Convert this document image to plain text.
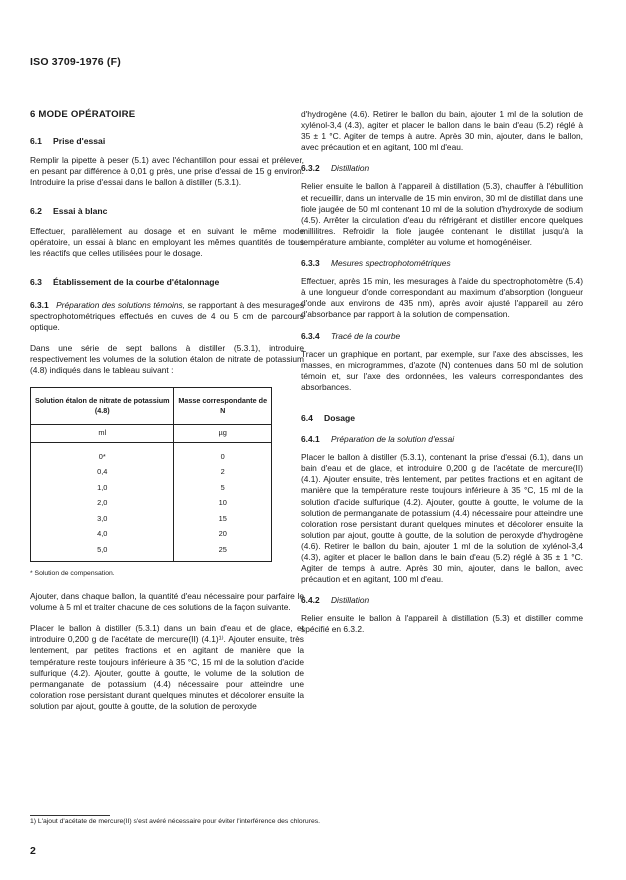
ISO 3709-1976 (F)
6 MODE OPÉRATOIRE
6.1 Prise d'essai

Remplir la pipette à peser (5.1) avec l'échantillon pour essai et prélever, en pesant par différence à 0,01 g près, une prise d'essai de 15 g environ. Introduire la prise d'essai dans le ballon à distiller (5.3.1).

6.2 Essai à blanc

Effectuer, parallèlement au dosage et en suivant le même mode opératoire, un essai à blanc en employant les mêmes quantités de tous les réactifs que celles utilisées pour le dosage.

6.3 Établissement de la courbe d'étalonnage

6.3.1 Préparation des solutions témoins, se rapportant à des mesurages spectrophotométriques effectués en cuves de 4 ou 5 cm de parcours optique.

Dans une série de sept ballons à distiller (5.3.1), introduire respectivement les volumes de la solution étalon de nitrate de potassium (4.8) indiqués dans le tableau suivant :

Solution étalon de nitrate de potassium (4.8)	Masse correspondante de N
ml	µg
0*	0
0,4	2
1,0	5
2,0	10
3,0	15
4,0	20
5,0	25
* Solution de compensation.

Ajouter, dans chaque ballon, la quantité d'eau nécessaire pour parfaire le volume à 5 ml et traiter chacune de ces solutions de la façon suivante.

Placer le ballon à distiller (5.3.1) dans un bain d'eau et de glace, et introduire 0,200 g de l'acétate de mercure(II) (4.1)¹⁾. Ajouter ensuite, très lentement, par petites fractions et en agitant de manière que la température reste toujours inférieure à 35 °C, 15 ml de la solution d'acide sulfurique (4.2). Ajouter, goutte à goutte, le volume de la solution de permanganate de potassium (4.4) nécessaire pour atteindre une coloration rose persistant durant quelques minutes et décolorer ensuite la solution par ajout, goutte à goutte, de la solution de peroxyde

d'hydrogène (4.6). Retirer le ballon du bain, ajouter 1 ml de la solution de xylénol-3,4 (4.3), agiter et placer le ballon dans le bain d'eau (5.2) réglé à 35 ± 1 °C. Agiter de temps à autre. Après 30 min, ajouter, dans le ballon, avec précaution et en agitant, 100 ml d'eau.

6.3.2 Distillation

Relier ensuite le ballon à l'appareil à distillation (5.3), chauffer à l'ébullition et recueillir, dans un intervalle de 15 min environ, 30 ml de distillat dans une fiole jaugée de 50 ml contenant 10 ml de la solution d'hydroxyde de sodium (4.5). Arrêter la circulation d'eau du réfrigérant et distiller encore quelques millilitres. Refroidir la fiole jaugée contenant le distillat jusqu'à la température ambiante, compléter au volume et homogénéiser.

6.3.3 Mesures spectrophotométriques

Effectuer, après 15 min, les mesurages à l'aide du spectrophotomètre (5.4) à une longueur d'onde correspondant au maximum d'absorption (longueur d'onde aux environs de 435 nm), après avoir ajusté l'appareil au zéro d'absorbance par rapport à la solution de compensation.

6.3.4 Tracé de la courbe

Tracer un graphique en portant, par exemple, sur l'axe des abscisses, les masses, en microgrammes, d'azote (N) contenues dans 50 ml de solution témoin et, sur l'axe des ordonnées, les valeurs correspondantes des absorbances.

6.4 Dosage
6.4.1 Préparation de la solution d'essai

Placer le ballon à distiller (5.3.1), contenant la prise d'essai (6.1), dans un bain d'eau et de glace, et introduire 0,200 g de l'acétate de mercure(II) (4.1). Ajouter ensuite, très lentement, par petites fractions et en agitant de manière que la température reste toujours inférieure à 35 °C, 15 ml de la solution d'acide sulfurique (4.2). Ajouter, goutte à goutte, le volume de la solution de permanganate de potassium (4.4) nécessaire pour atteindre une coloration rose persistant durant quelques minutes et décolorer ensuite la solution par ajout, goutte à goutte, de la solution de peroxyde d'hydrogène (4.6). Retirer le ballon du bain, ajouter 1 ml de la solution de xylénol-3,4 (4.3), agiter et placer le ballon dans le bain d'eau (5.2) réglé à 35 ± 1 °C. Agiter de temps à autre. Après 30 min, ajouter, dans le ballon, avec précaution et en agitant, 100 ml d'eau.

6.4.2 Distillation

Relier ensuite le ballon à l'appareil à distillation (5.3) et distiller comme spécifié en 6.3.2.

1) L'ajout d'acétate de mercure(II) s'est avéré nécessaire pour éviter l'interférence des chlorures.
2
